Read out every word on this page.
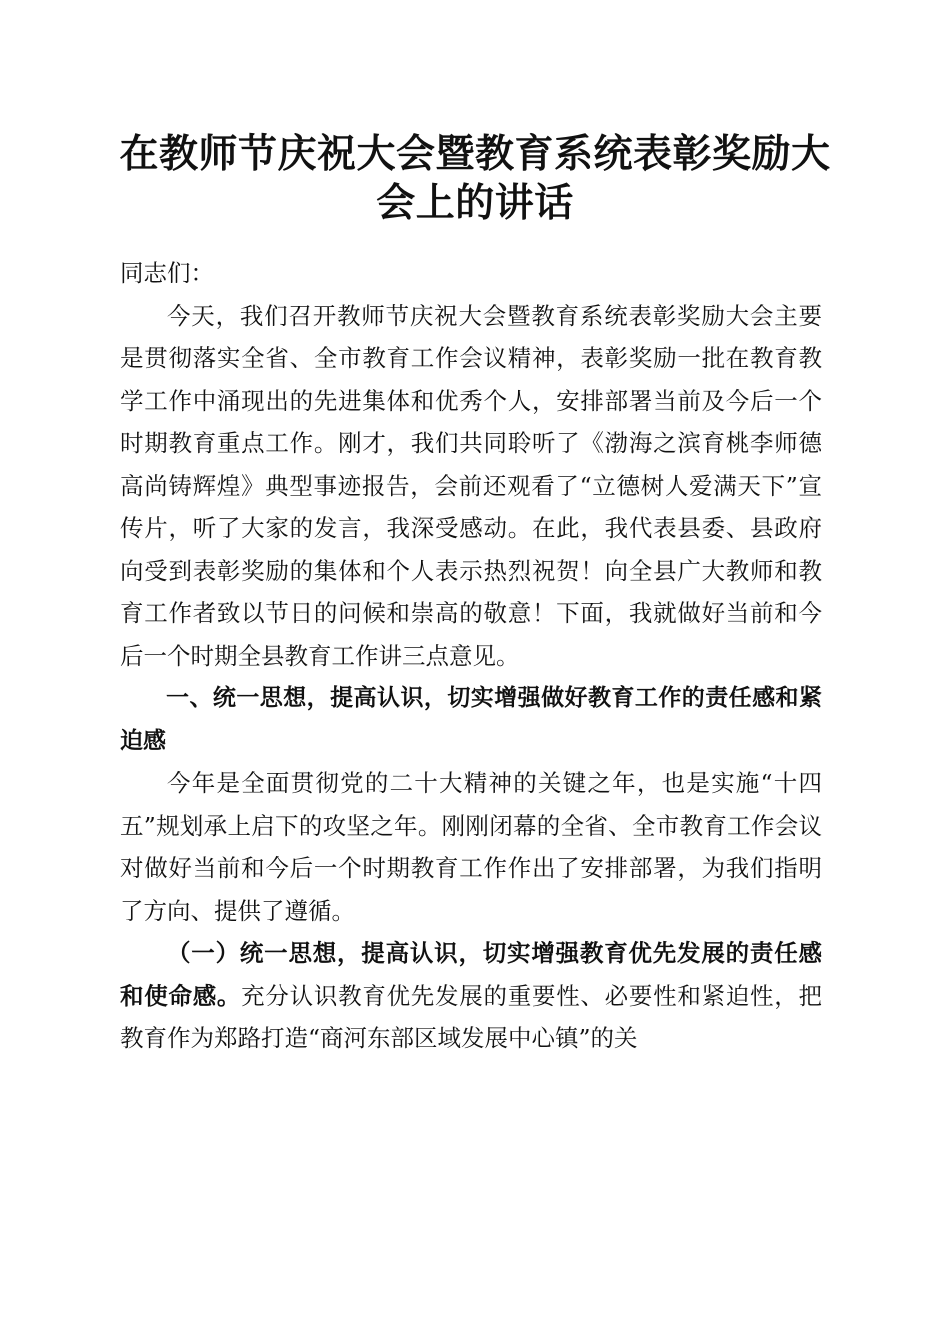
在教师节庆祝大会暨教育系统表彰奖励大会上的讲话

同志们：

今天，我们召开教师节庆祝大会暨教育系统表彰奖励大会主要是贯彻落实全省、全市教育工作会议精神，表彰奖励一批在教育教学工作中涌现出的先进集体和优秀个人，安排部署当前及今后一个时期教育重点工作。刚才，我们共同聆听了《渤海之滨育桃李师德高尚铸辉煌》典型事迹报告，会前还观看了“立德树人爱满天下”宣传片，听了大家的发言，我深受感动。在此，我代表县委、县政府向受到表彰奖励的集体和个人表示热烈祝贺！向全县广大教师和教育工作者致以节日的问候和崇高的敬意！下面，我就做好当前和今后一个时期全县教育工作讲三点意见。

一、统一思想，提高认识，切实增强做好教育工作的责任感和紧迫感

今年是全面贯彻党的二十大精神的关键之年，也是实施“十四五”规划承上启下的攻坚之年。刚刚闭幕的全省、全市教育工作会议对做好当前和今后一个时期教育工作作出了安排部署，为我们指明了方向、提供了遵循。

（一）统一思想，提高认识，切实增强教育优先发展的责任感和使命感。充分认识教育优先发展的重要性、必要性和紧迫性，把教育作为郑路打造“商河东部区域发展中心镇”的关
